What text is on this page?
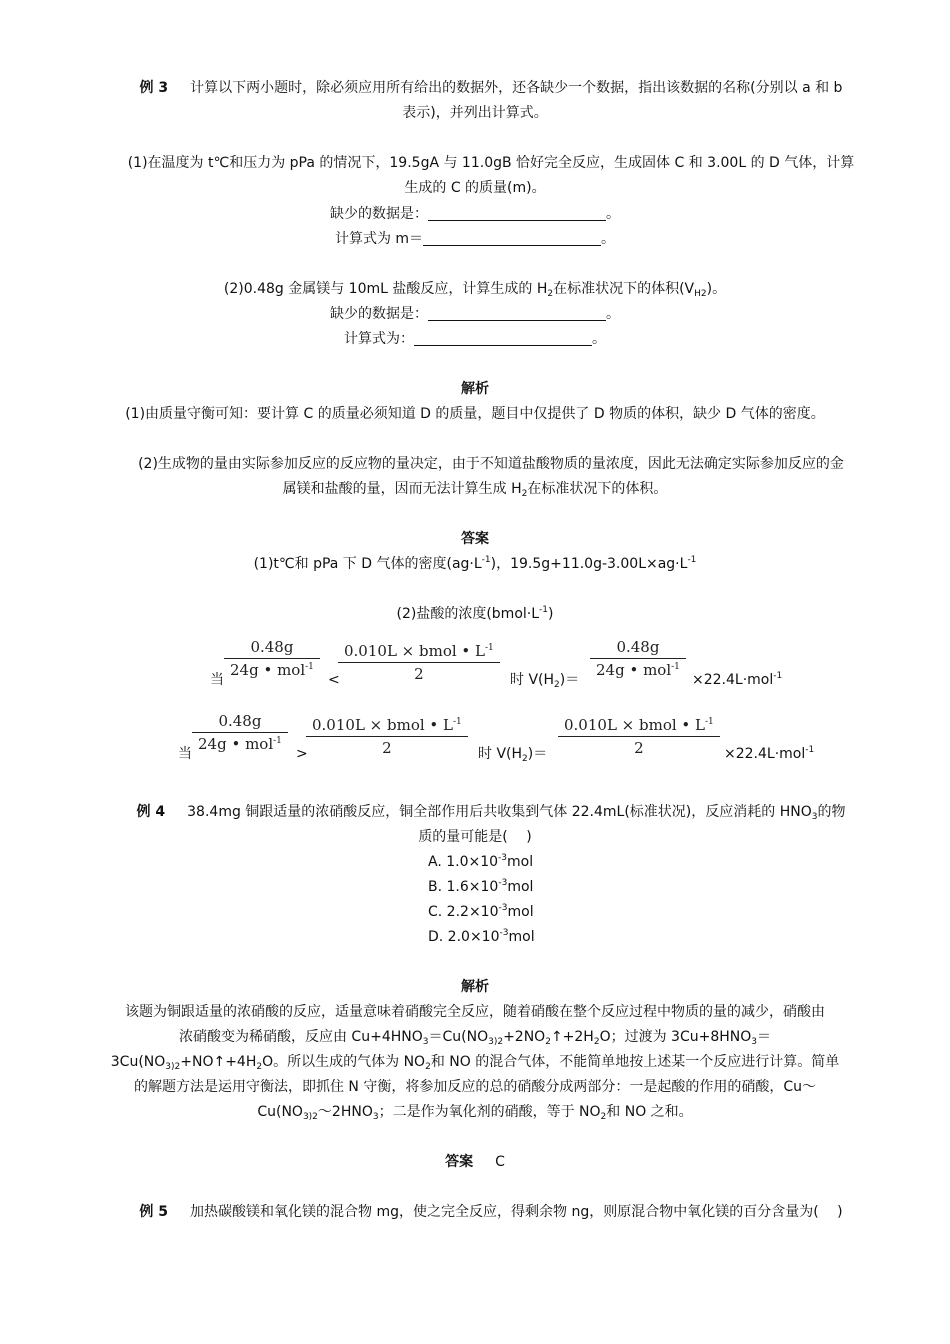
例 3 计算以下两小题时，除必须应用所有给出的数据外，还各缺少一个数据，指出该数据的名称(分别以 a 和 b

表示)，并列出计算式。

(1)在温度为 t℃和压力为 pPa 的情况下，19.5gA 与 11.0gB 恰好完全反应，生成固体 C 和 3.00L 的 D 气体，计算

生成的 C 的质量(m)。

缺少的数据是：	。

计算式为 m＝	。

(2)0.48g 金属镁与 10mL 盐酸反应，计算生成的 $H_2$在标准状况下的体积$(V_{H2})$。

缺少的数据是：	。

计算式为：	。

解析

(1)由质量守衡可知：要计算 C 的质量必须知道 D 的质量，题目中仅提供了 D 物质的体积，缺少 D 气体的密度。

(2)生成物的量由实际参加反应的反应物的量决定，由于不知道盐酸物质的量浓度，因此无法确定实际参加反应的金

属镁和盐酸的量，因而无法计算生成 $H_2$在标准状况下的体积。

答案

(1)t℃和 pPa 下 D 气体的密度$(ag\cdot L^{-1})$，$19.5g+11.0g-3.00L\times ag\cdot L^{-1}$

(2)盐酸的浓度$(bmol\cdot L^{-1})$

当
0.48g
24g • mol$^{-1}$
<
0.010L × bmol • $L^{-1}$
2	时 $V(H_2)=$
0.48g
24g • mol$^{-1}$
×22.4L·mol$^{-1}$
当
0.48g
24g • mol$^{-1}$
>
0.010L × bmol • $L^{-1}$
2	时 $V(H_2)=$
0.010L × bmol • $L^{-1}$
2	×22.4L·mol$^{-1}$

例 4 38.4mg 铜跟适量的浓硝酸反应，铜全部作用后共收集到气体 22.4mL(标准状况)，反应消耗的 $HNO_3$的物

质的量可能是(　 )

A. $1.0\times 10^{-3}mol$
B. $1.6\times 10^{-3}mol$
C. $2.2\times 10^{-3}mol$
D. $2.0\times 10^{-3}mol$

解析

该题为铜跟适量的浓硝酸的反应，适量意味着硝酸完全反应，随着硝酸在整个反应过程中物质的量的减少，硝酸由

浓硝酸变为稀硝酸，反应由 $Cu+4HNO_3=Cu(NO_{3)2}+2NO_2↑+2H_2O$；过渡为 $3Cu+8HNO_3=$

$3Cu(NO_{3)2}+NO↑+4H_2O$。所以生成的气体为 $NO_2$和 NO 的混合气体，不能简单地按上述某一个反应进行计算。简单

的解题方法是运用守衡法，即抓住 N 守衡，将参加反应的总的硝酸分成两部分：一是起酸的作用的硝酸，Cu～

$Cu(NO_{3)2}\sim 2HNO_3$；二是作为氧化剂的硝酸，等于 $NO_2$和 NO 之和。

答案 C

例 5 加热碳酸镁和氧化镁的混合物 mg，使之完全反应，得剩余物 ng，则原混合物中氧化镁的百分含量为(　 )
